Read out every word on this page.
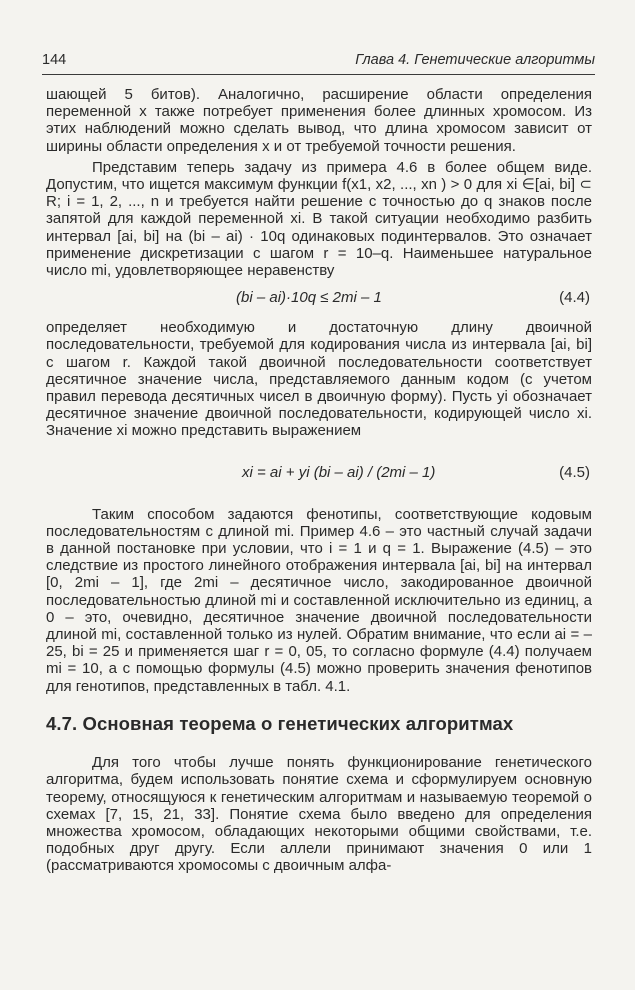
144	Глава 4. Генетические алгоритмы

шающей 5 битов). Аналогично, расширение области определения переменной x также потребует применения более длинных хромосом. Из этих наблюдений можно сделать вывод, что длина хромосом зависит от ширины области определения x и от требуемой точности решения.

Представим теперь задачу из примера 4.6 в более общем виде. Допустим, что ищется максимум функции f(x1, x2, ..., xn ) > 0 для xi ∈[ai, bi] ⊂ R; i = 1, 2, ..., n и требуется найти решение с точностью до q знаков после запятой для каждой переменной xi. В такой ситуации необходимо разбить интервал [ai, bi] на (bi – ai) · 10q одинаковых подинтервалов. Это означает применение дискретизации с шагом r = 10–q. Наименьшее натуральное число mi, удовлетворяющее неравенству

(bi – ai)·10q ≤ 2mi – 1	(4.4)

определяет необходимую и достаточную длину двоичной последовательности, требуемой для кодирования числа из интервала [ai, bi] с шагом r. Каждой такой двоичной последовательности соответствует десятичное значение числа, представляемого данным кодом (с учетом правил перевода десятичных чисел в двоичную форму). Пусть yi обозначает десятичное значение двоичной последовательности, кодирующей число xi. Значение xi можно представить выражением

xi = ai + yi (bi – ai) / (2mi – 1)	(4.5)

Таким способом задаются фенотипы, соответствующие кодовым последовательностям с длиной mi. Пример 4.6 – это частный случай задачи в данной постановке при условии, что i = 1 и q = 1. Выражение (4.5) – это следствие из простого линейного отображения интервала [ai, bi] на интервал [0, 2mi – 1], где 2mi – десятичное число, закодированное двоичной последовательностью длиной mi и составленной исключительно из единиц, а 0 – это, очевидно, десятичное значение двоичной последовательности длиной mi, составленной только из нулей. Обратим внимание, что если ai = – 25, bi = 25 и применяется шаг r = 0, 05, то согласно формуле (4.4) получаем mi = 10, а с помощью формулы (4.5) можно проверить значения фенотипов для генотипов, представленных в табл. 4.1.

4.7. Основная теорема о генетических алгоритмах

Для того чтобы лучше понять функционирование генетического алгоритма, будем использовать понятие схема и сформулируем основную теорему, относящуюся к генетическим алгоритмам и называемую теоремой о схемах [7, 15, 21, 33]. Понятие схема было введено для определения множества хромосом, обладающих некоторыми общими свойствами, т.е. подобных друг другу. Если аллели принимают значения 0 или 1 (рассматриваются хромосомы с двоичным алфа-
